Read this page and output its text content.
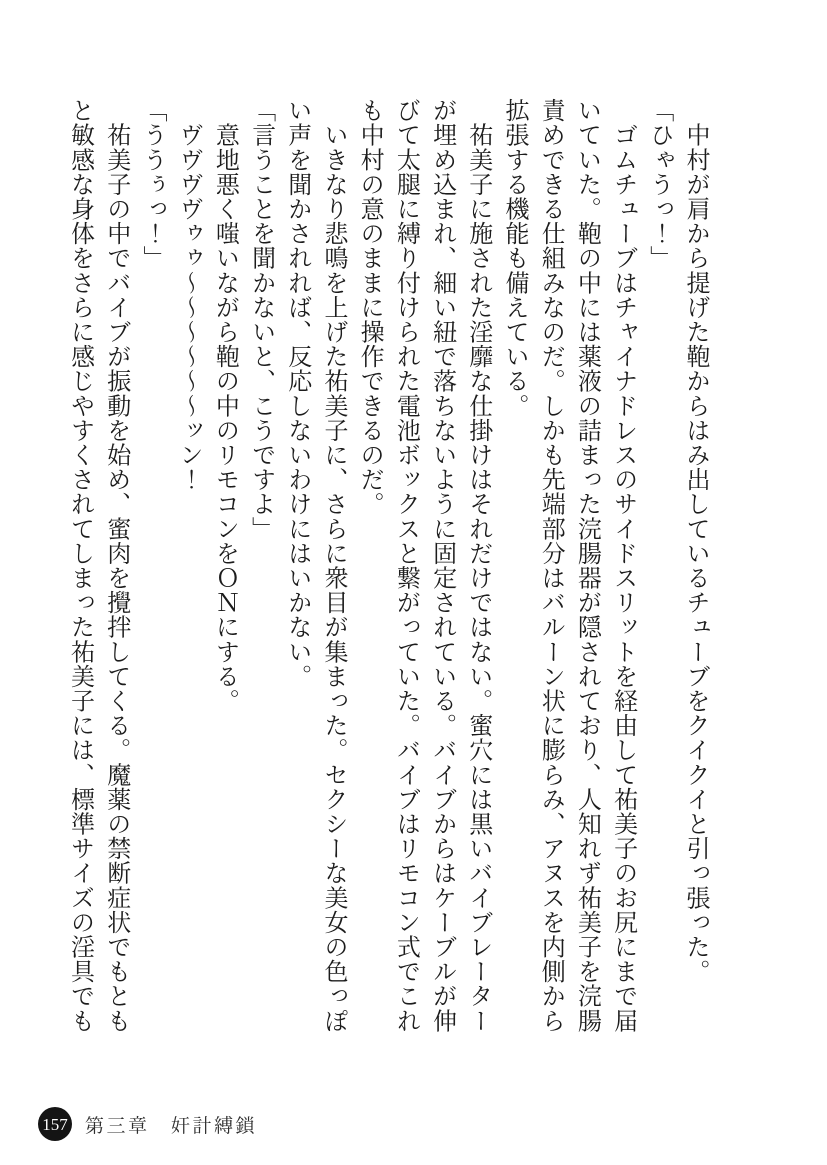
　中村が肩から提げた鞄からはみ出しているチューブをクイクイと引っ張った。

「ひゃうっ！」

　ゴムチューブはチャイナドレスのサイドスリットを経由して祐美子のお尻にまで届

いていた。鞄の中には薬液の詰まった浣腸器が隠されており、人知れず祐美子を浣腸

責めできる仕組みなのだ。しかも先端部分はバルーン状に膨らみ、アヌスを内側から

拡張する機能も備えている。

　祐美子に施された淫靡な仕掛けはそれだけではない。蜜穴には黒いバイブレーター

が埋め込まれ、細い紐で落ちないように固定されている。バイブからはケーブルが伸

びて太腿に縛り付けられた電池ボックスと繋がっていた。バイブはリモコン式でこれ

も中村の意のままに操作できるのだ。

　いきなり悲鳴を上げた祐美子に、さらに衆目が集まった。セクシーな美女の色っぽ

い声を聞かされれば、反応しないわけにはいかない。

「言うことを聞かないと、こうですよ」

　意地悪く嗤いながら鞄の中のリモコンをＯＮにする。

　ヴヴヴヴゥゥ〜〜〜〜〜〜ッン！

「ううぅっ！」

　祐美子の中でバイブが振動を始め、蜜肉を攪拌してくる。魔薬の禁断症状でもとも

と敏感な身体をさらに感じやすくされてしまった祐美子には、標準サイズの淫具でも

157 第三章　奸計縛鎖
